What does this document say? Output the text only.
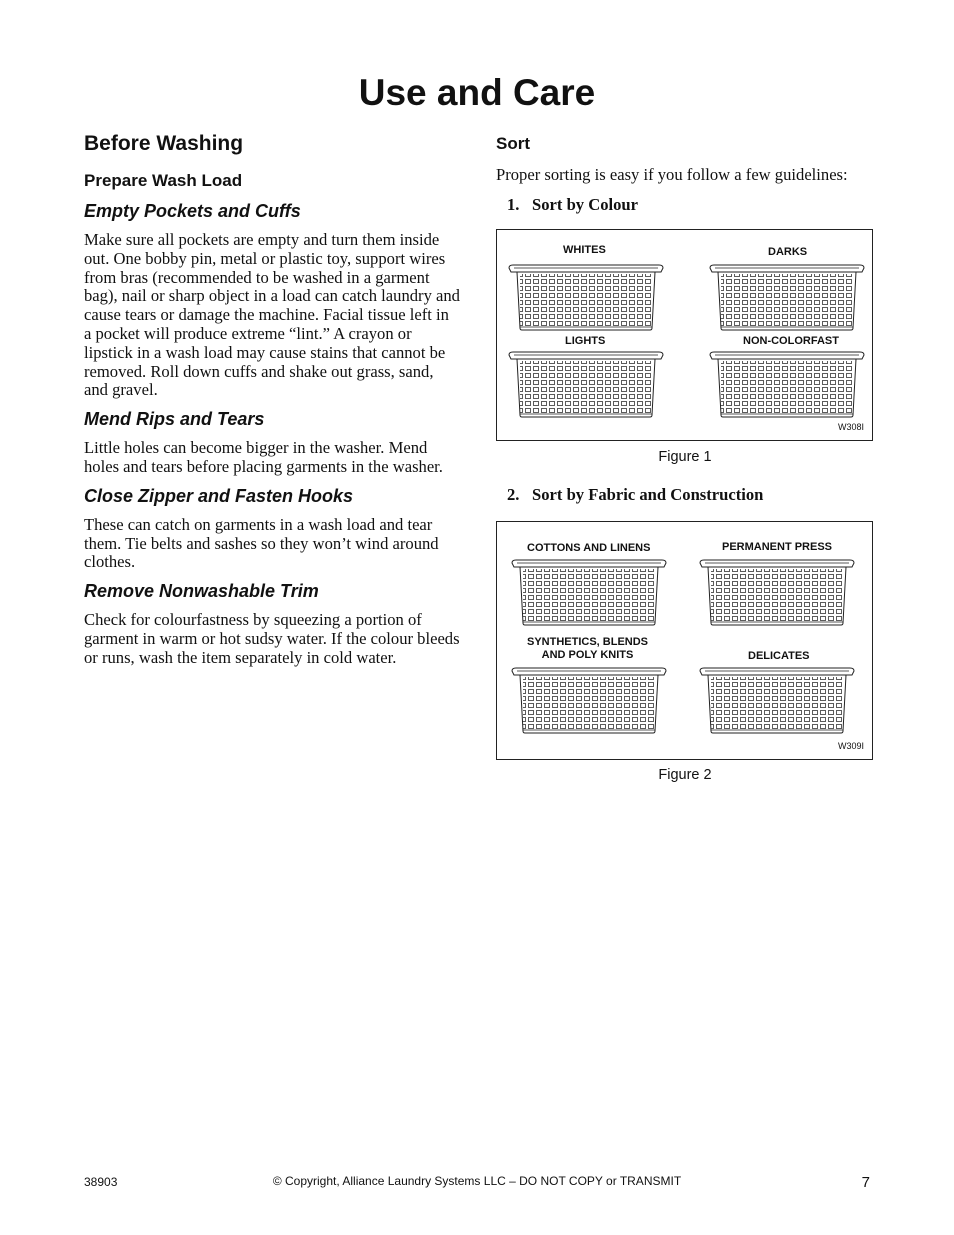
Use and Care
Before Washing
Prepare Wash Load
Empty Pockets and Cuffs

Make sure all pockets are empty and turn them inside out. One bobby pin, metal or plastic toy, support wires from bras (recommended to be washed in a garment bag), nail or sharp object in a load can catch laundry and cause tears or damage the machine. Facial tissue left in a pocket will produce extreme “lint.” A crayon or lipstick in a wash load may cause stains that cannot be removed. Roll down cuffs and shake out grass, sand, and gravel.

Mend Rips and Tears

Little holes can become bigger in the washer. Mend holes and tears before placing garments in the washer.

Close Zipper and Fasten Hooks

These can catch on garments in a wash load and tear them. Tie belts and sashes so they won’t wind around clothes.

Remove Nonwashable Trim

Check for colourfastness by squeezing a portion of garment in warm or hot sudsy water. If the colour bleeds or runs, wash the item separately in cold water.

Sort

Proper sorting is easy if you follow a few guidelines:

1. Sort by Colour

WHITES	DARKS
LIGHTS	NON-COLORFAST
W308I

Figure 1

2. Sort by Fabric and Construction

COTTONS AND LINENS	PERMANENT PRESS
SYNTHETICS, BLENDS
AND POLY KNITS	DELICATES
W309I

Figure 2

38903	© Copyright, Alliance Laundry Systems LLC – DO NOT COPY or TRANSMIT	7
